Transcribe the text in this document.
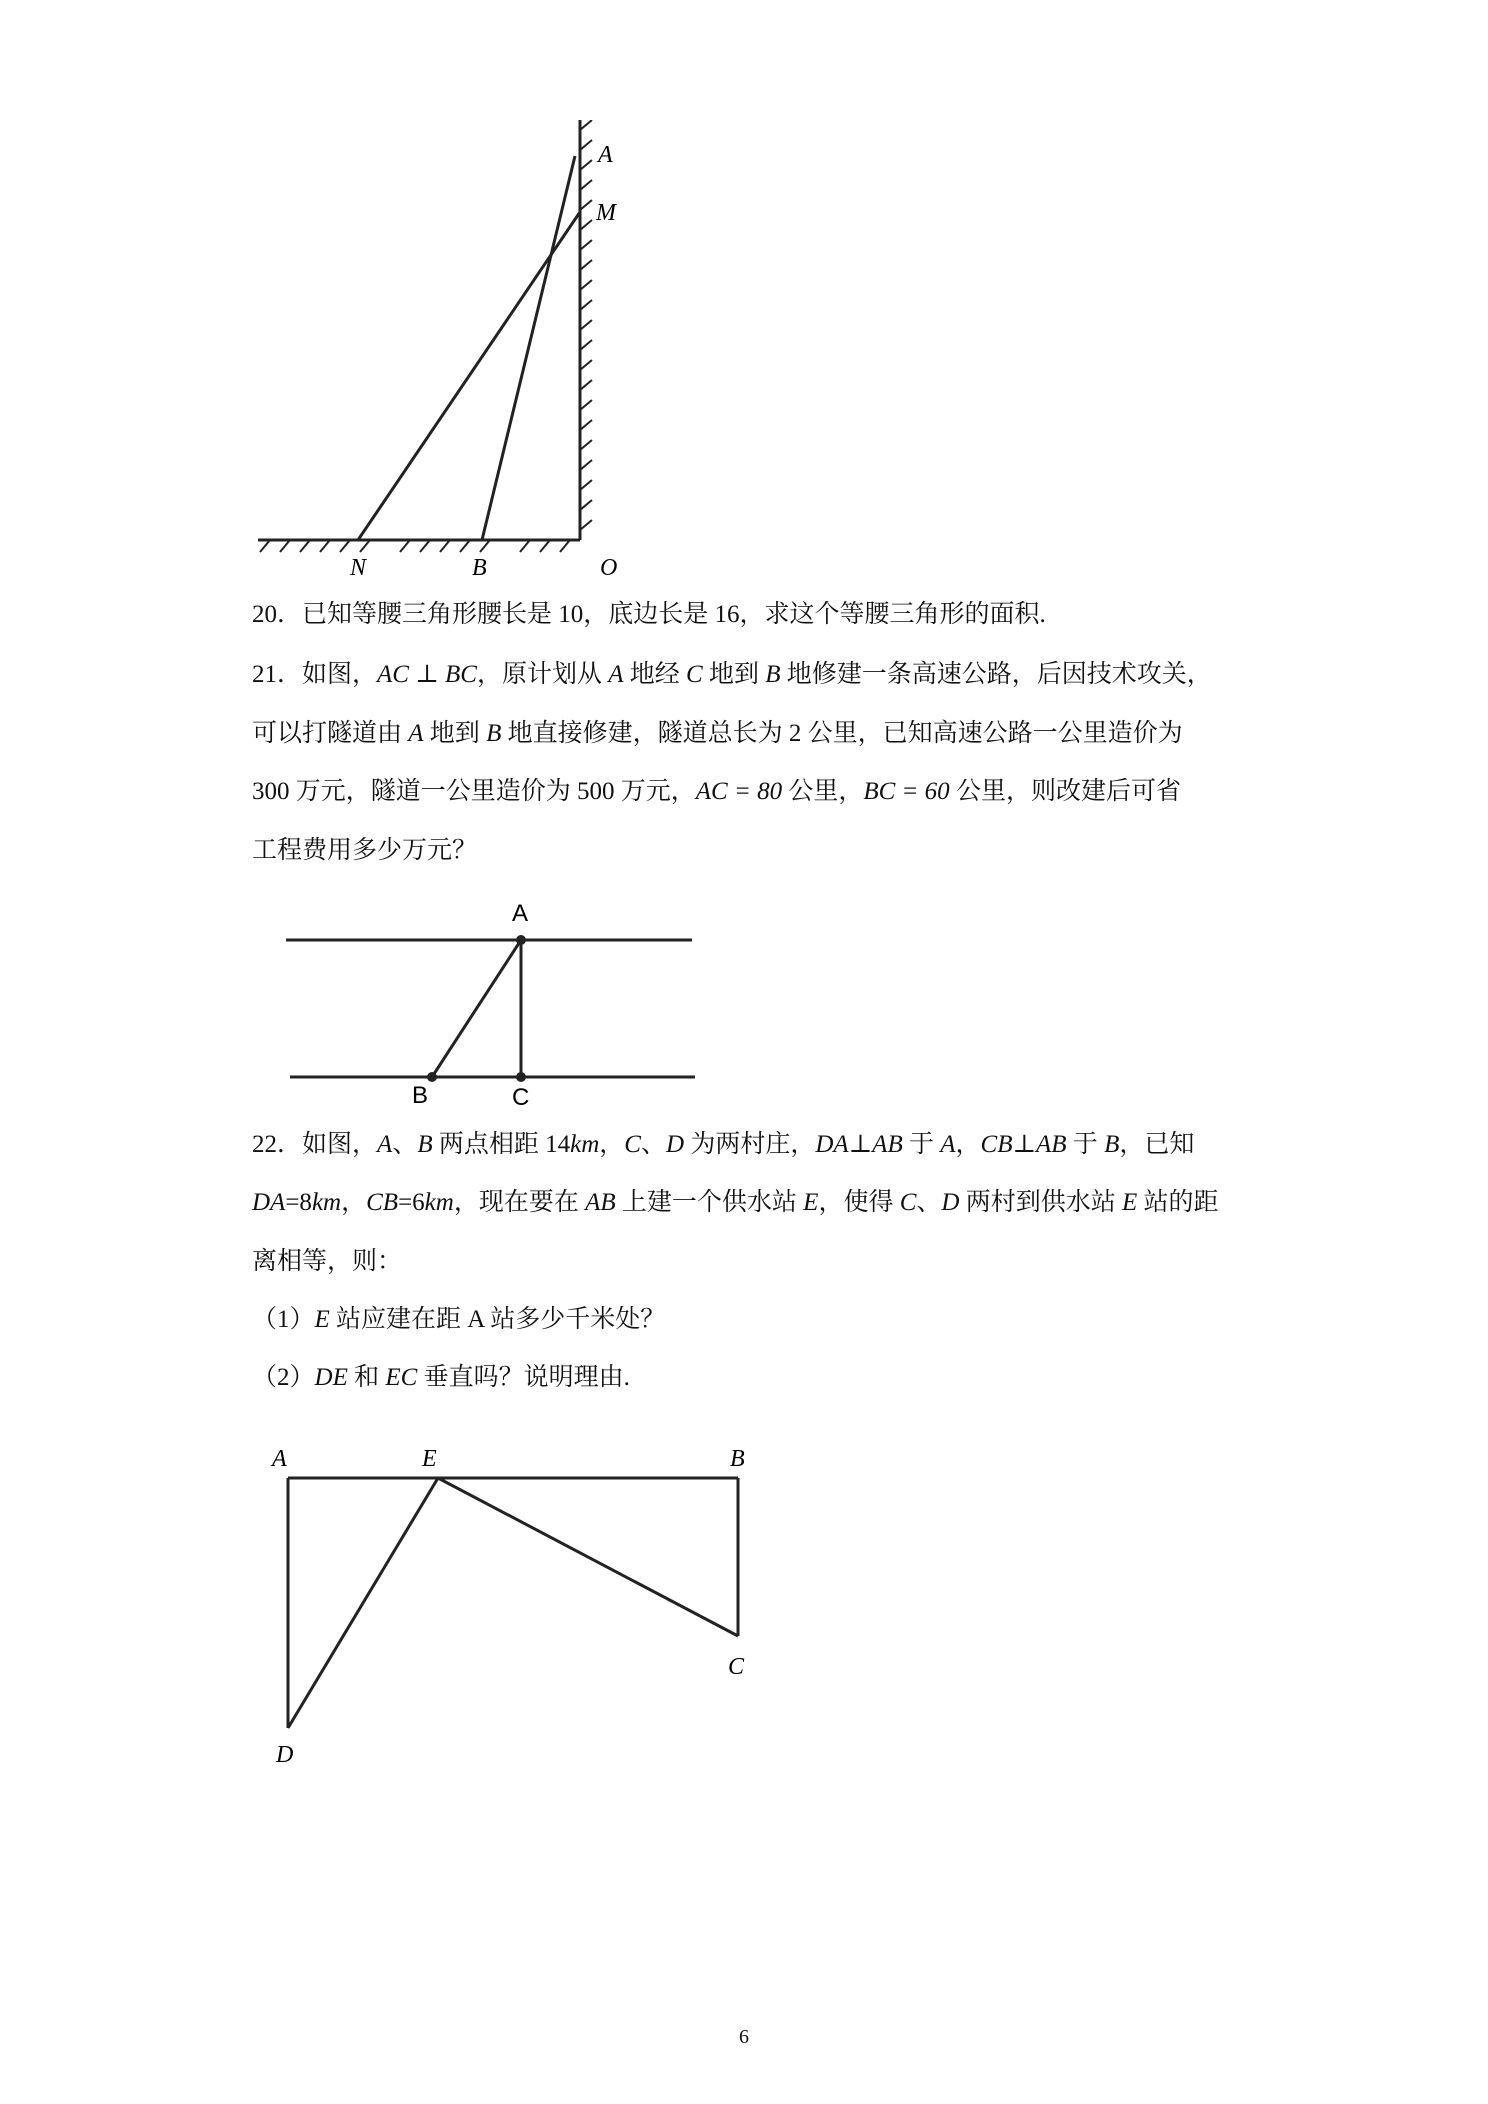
A
M
N	B	O
20．已知等腰三角形腰长是 10，底边长是 16，求这个等腰三角形的面积.
21．如图，AC ⊥ BC，原计划从 A 地经 C 地到 B 地修建一条高速公路，后因技术攻关，
可以打隧道由 A 地到 B 地直接修建，隧道总长为 2 公里，已知高速公路一公里造价为
300 万元，隧道一公里造价为 500 万元，AC = 80 公里，BC = 60 公里，则改建后可省
工程费用多少万元？
A
B	C
22．如图，A、B 两点相距 14km，C、D 为两村庄，DA⊥AB 于 A，CB⊥AB 于 B，已知
DA=8km，CB=6km，现在要在 AB 上建一个供水站 E，使得 C、D 两村到供水站 E 站的距
离相等，则：
（1）E 站应建在距 A 站多少千米处？
（2）DE 和 EC 垂直吗？说明理由.
A	E	B
C
D
6
